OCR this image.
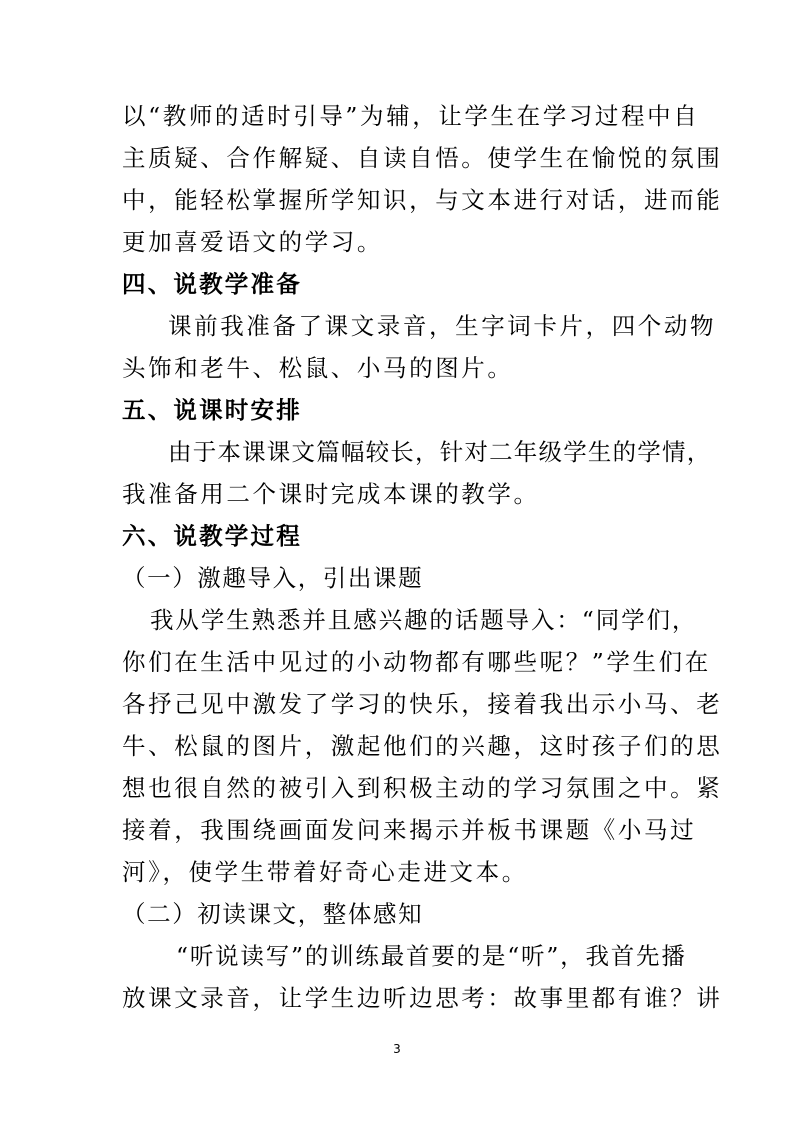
以“教师的适时引导”为辅，让学生在学习过程中自
主质疑、合作解疑、自读自悟。使学生在愉悦的氛围
中，能轻松掌握所学知识，与文本进行对话，进而能
更加喜爱语文的学习。
四、说教学准备
课前我准备了课文录音，生字词卡片，四个动物
头饰和老牛、松鼠、小马的图片。
五、说课时安排
由于本课课文篇幅较长，针对二年级学生的学情，
我准备用二个课时完成本课的教学。
六、说教学过程
（一）激趣导入，引出课题
我从学生熟悉并且感兴趣的话题导入：“同学们，
你们在生活中见过的小动物都有哪些呢？”学生们在
各抒己见中激发了学习的快乐，接着我出示小马、老
牛、松鼠的图片，激起他们的兴趣，这时孩子们的思
想也很自然的被引入到积极主动的学习氛围之中。紧
接着，我围绕画面发问来揭示并板书课题《小马过
河》，使学生带着好奇心走进文本。
（二）初读课文，整体感知
“听说读写”的训练最首要的是“听”，我首先播
放课文录音，让学生边听边思考：故事里都有谁？讲
3
